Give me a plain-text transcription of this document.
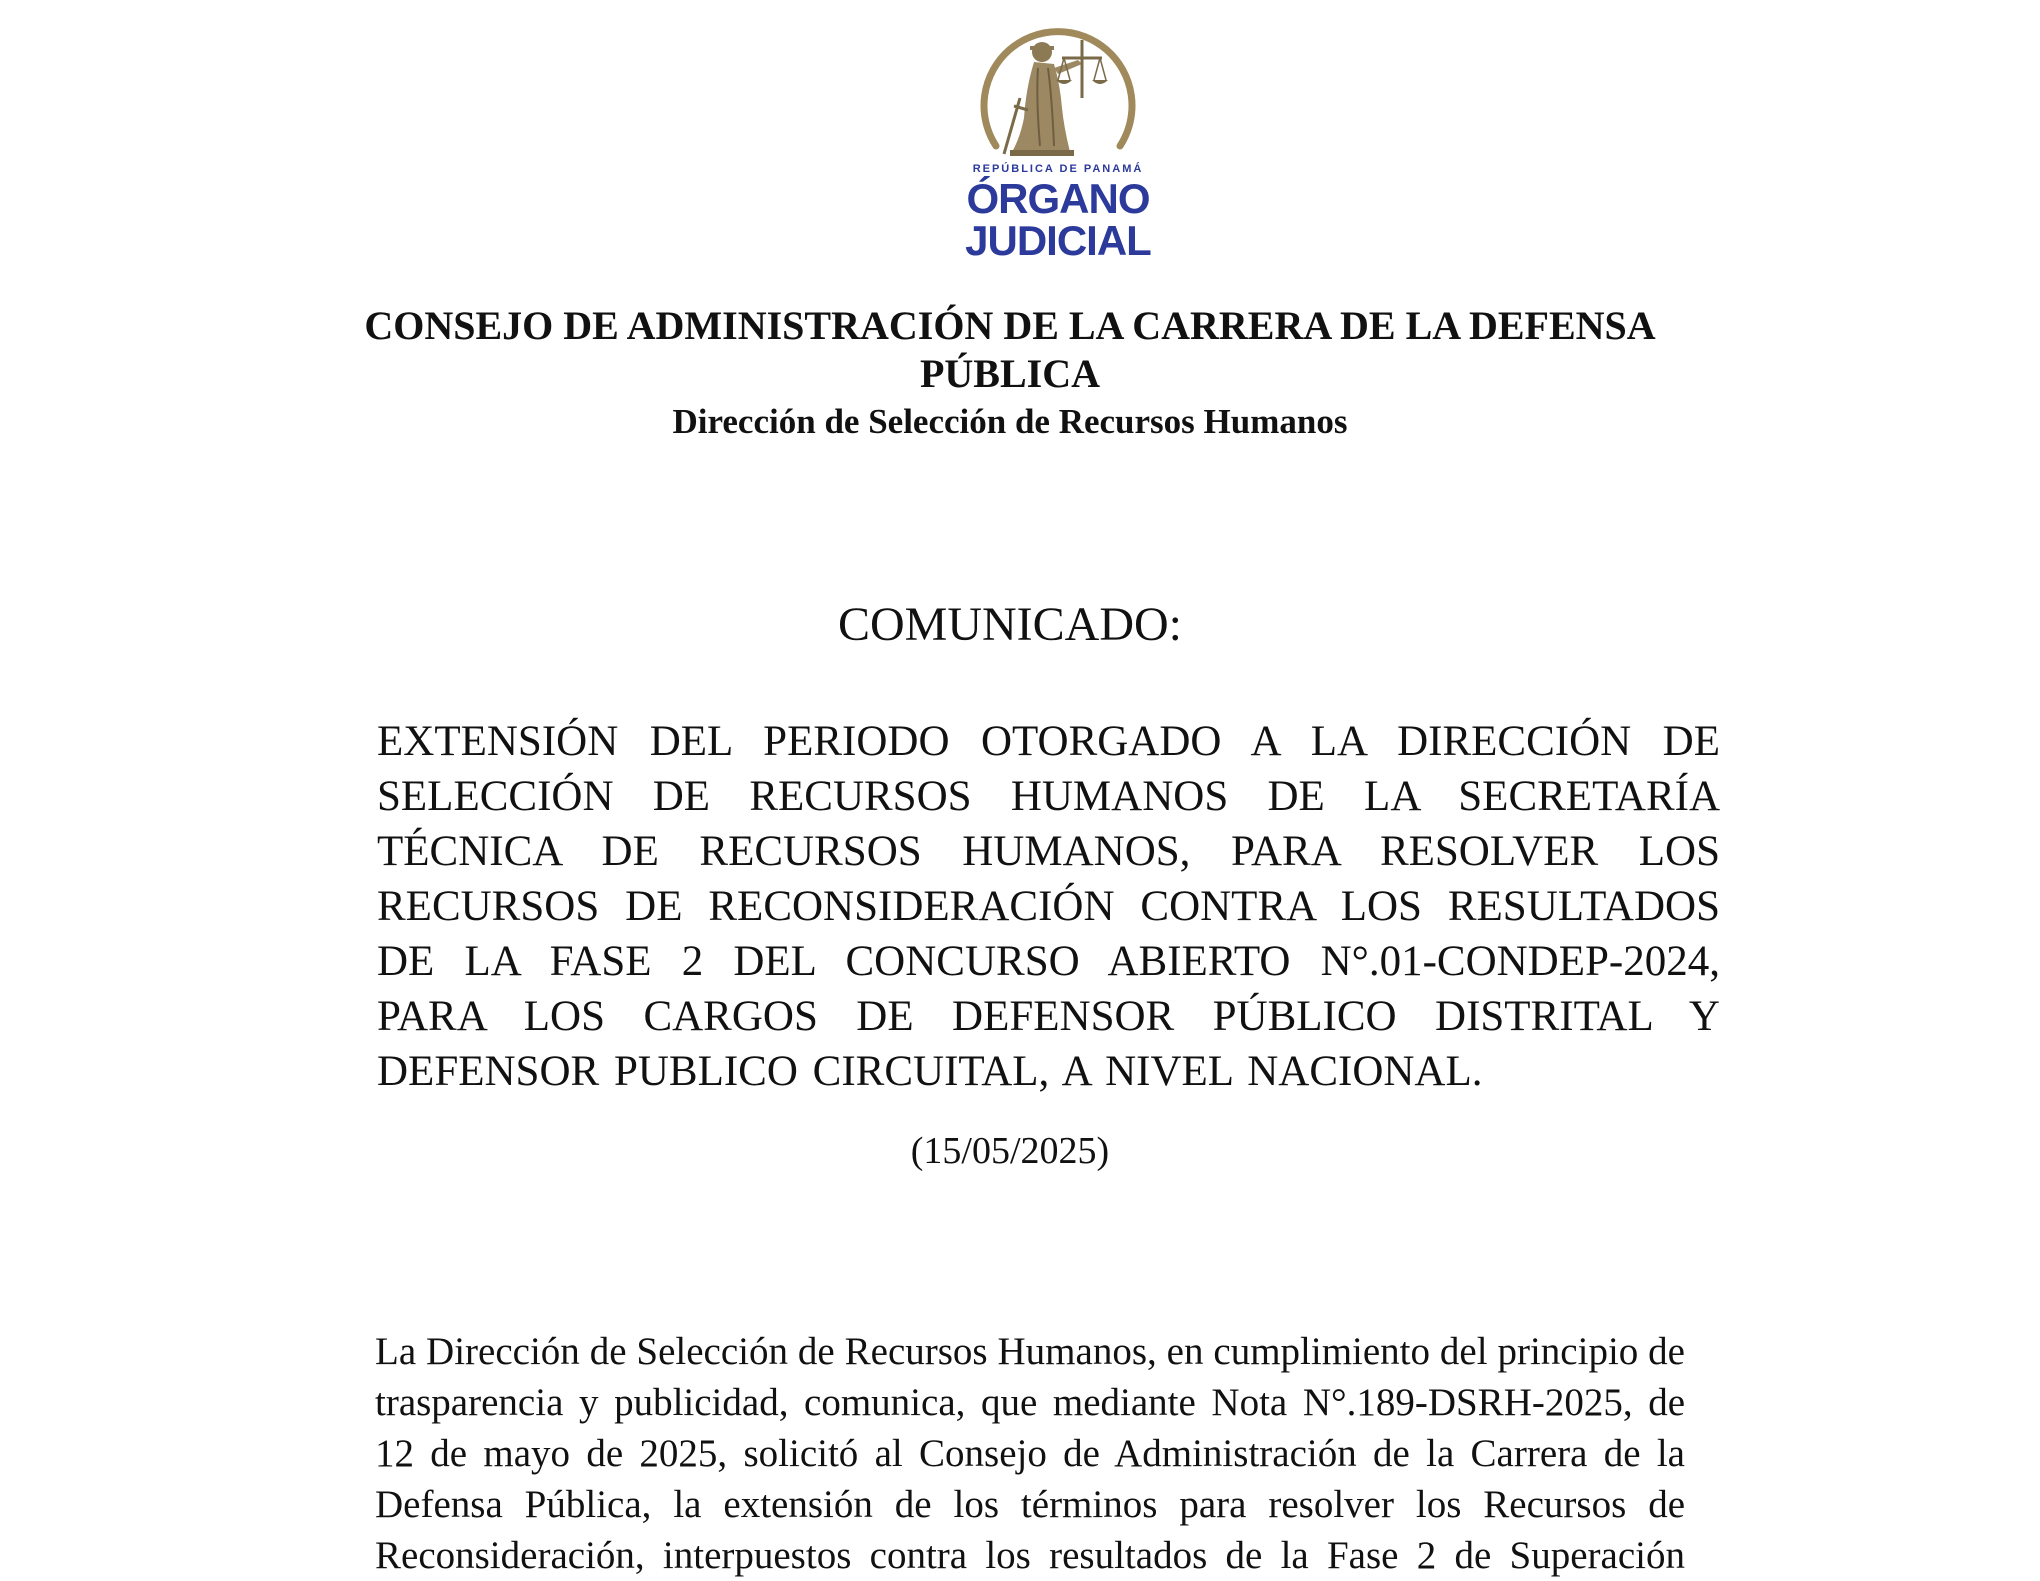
REPÚBLICA DE PANAMÁ
ÓRGANO
JUDICIAL
CONSEJO DE ADMINISTRACIÓN DE LA CARRERA DE LA DEFENSA PÚBLICA
Dirección de Selección de Recursos Humanos
COMUNICADO:
EXTENSIÓN DEL PERIODO OTORGADO A LA DIRECCIÓN DE SELECCIÓN DE RECURSOS HUMANOS DE LA SECRETARÍA TÉCNICA DE RECURSOS HUMANOS, PARA RESOLVER LOS RECURSOS DE RECONSIDERACIÓN CONTRA LOS RESULTADOS DE LA FASE 2 DEL CONCURSO ABIERTO N°.01-CONDEP-2024, PARA LOS CARGOS DE DEFENSOR PÚBLICO DISTRITAL Y DEFENSOR PUBLICO CIRCUITAL, A NIVEL NACIONAL.
(15/05/2025)
La Dirección de Selección de Recursos Humanos, en cumplimiento del principio de trasparencia y publicidad, comunica, que mediante Nota N°.189-DSRH-2025, de 12 de mayo de 2025, solicitó al Consejo de Administración de la Carrera de la Defensa Pública, la extensión de los términos para resolver los Recursos de Reconsideración, interpuestos contra los resultados de la Fase 2 de Superación
